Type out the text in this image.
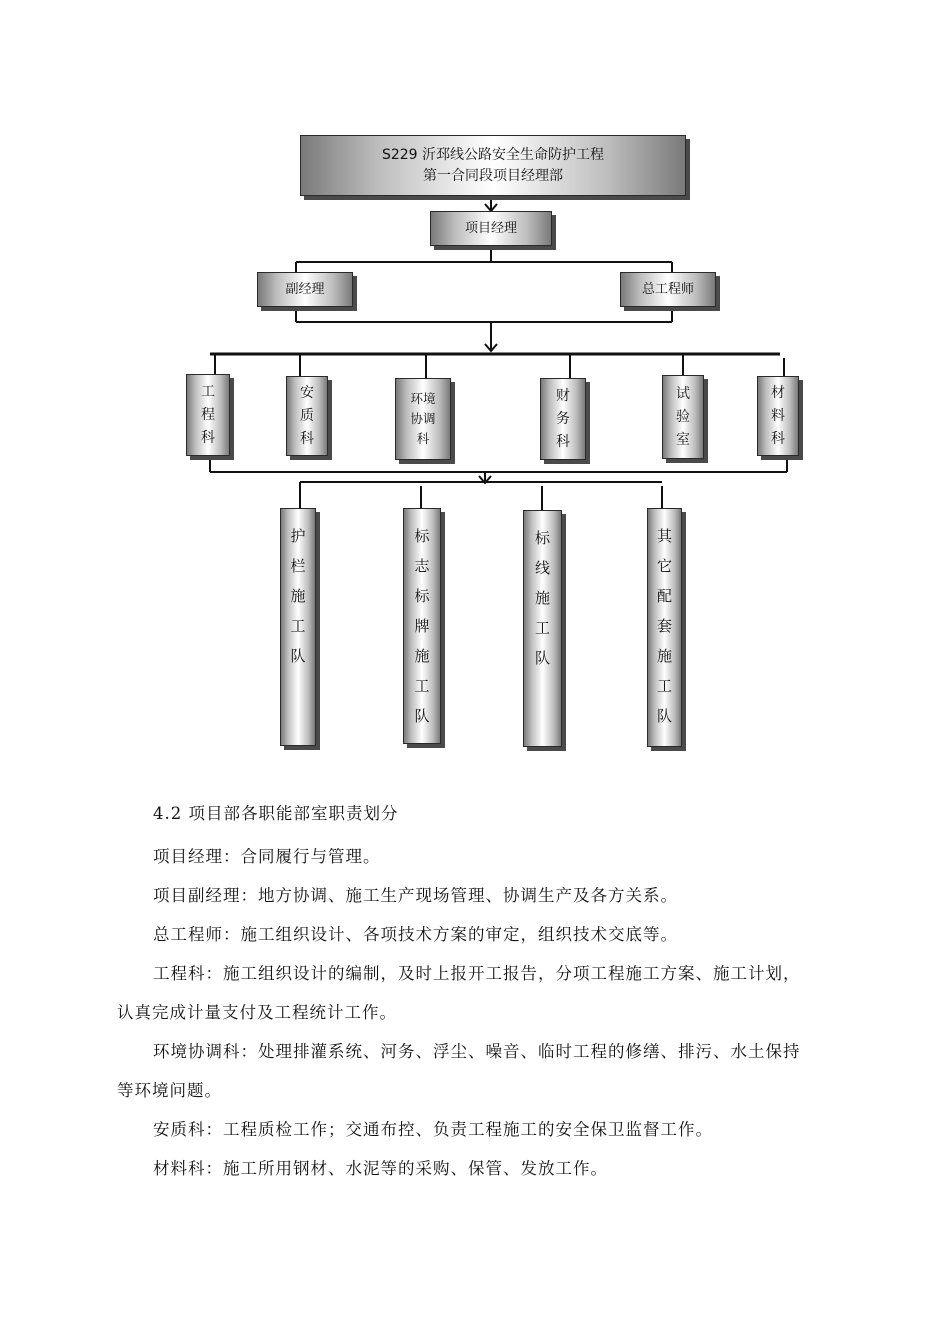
S229 沂邳线公路安全生命防护工程
第一合同段项目经理部
项目经理
副经理	总工程师
工程科
安质科
环境协调科
财务科
试验室
材料科
护栏施工队
标志标牌施工队
标线施工队
其它配套施工队

4.2 项目部各职能部室职责划分

项目经理：合同履行与管理。

项目副经理：地方协调、施工生产现场管理、协调生产及各方关系。

总工程师：施工组织设计、各项技术方案的审定，组织技术交底等。

工程科：施工组织设计的编制，及时上报开工报告，分项工程施工方案、施工计划，认真完成计量支付及工程统计工作。

环境协调科：处理排灌系统、河务、浮尘、噪音、临时工程的修缮、排污、水土保持等环境问题。

安质科：工程质检工作；交通布控、负责工程施工的安全保卫监督工作。

材料科：施工所用钢材、水泥等的采购、保管、发放工作。
